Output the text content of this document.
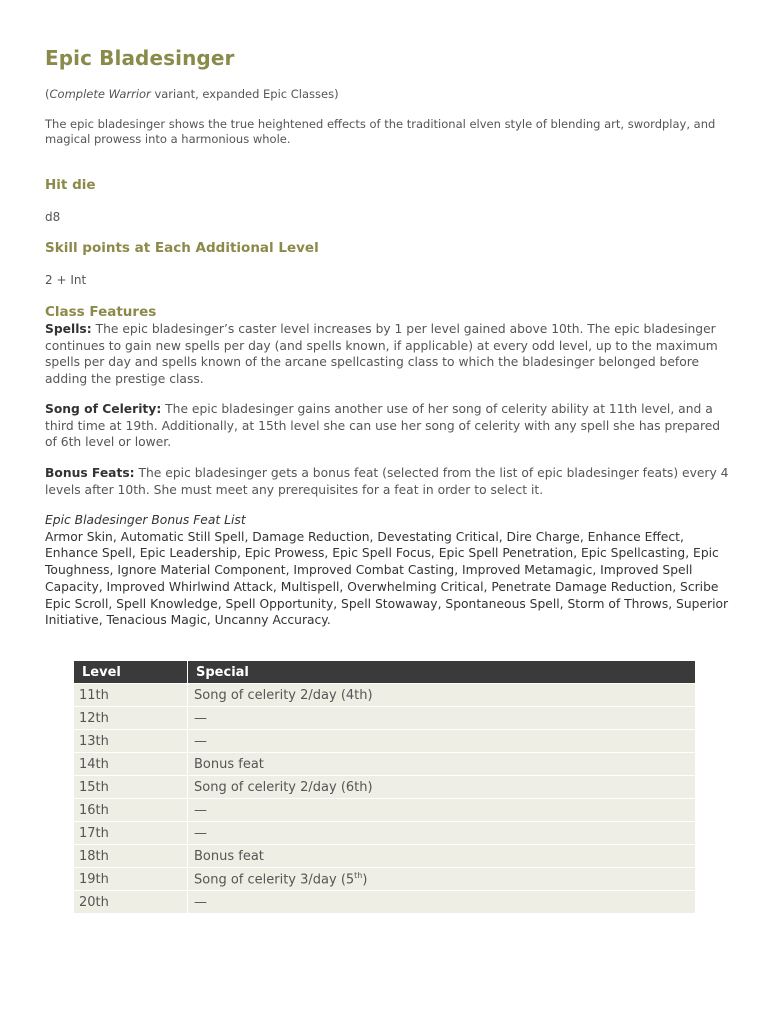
Epic Bladesinger

(Complete Warrior variant, expanded Epic Classes)

The epic bladesinger shows the true heightened effects of the traditional elven style of blending art, swordplay, and magical prowess into a harmonious whole.

Hit die

d8

Skill points at Each Additional Level

2 + Int

Class Features

Spells: The epic bladesinger’s caster level increases by 1 per level gained above 10th. The epic bladesinger continues to gain new spells per day (and spells known, if applicable) at every odd level, up to the maximum spells per day and spells known of the arcane spellcasting class to which the bladesinger belonged before adding the prestige class.

Song of Celerity: The epic bladesinger gains another use of her song of celerity ability at 11th level, and a third time at 19th. Additionally, at 15th level she can use her song of celerity with any spell she has prepared of 6th level or lower.

Bonus Feats: The epic bladesinger gets a bonus feat (selected from the list of epic bladesinger feats) every 4 levels after 10th. She must meet any prerequisites for a feat in order to select it.

Epic Bladesinger Bonus Feat List
Armor Skin, Automatic Still Spell, Damage Reduction, Devestating Critical, Dire Charge, Enhance Effect, Enhance Spell, Epic Leadership, Epic Prowess, Epic Spell Focus, Epic Spell Penetration, Epic Spellcasting, Epic Toughness, Ignore Material Component, Improved Combat Casting, Improved Metamagic, Improved Spell Capacity, Improved Whirlwind Attack, Multispell, Overwhelming Critical, Penetrate Damage Reduction, Scribe Epic Scroll, Spell Knowledge, Spell Opportunity, Spell Stowaway, Spontaneous Spell, Storm of Throws, Superior Initiative, Tenacious Magic, Uncanny Accuracy.
Level	Special
11th	Song of celerity 2/day (4th)
12th	—
13th	—
14th	Bonus feat
15th	Song of celerity 2/day (6th)
16th	—
17th	—
18th	Bonus feat
19th	Song of celerity 3/day (5th)
20th	—
